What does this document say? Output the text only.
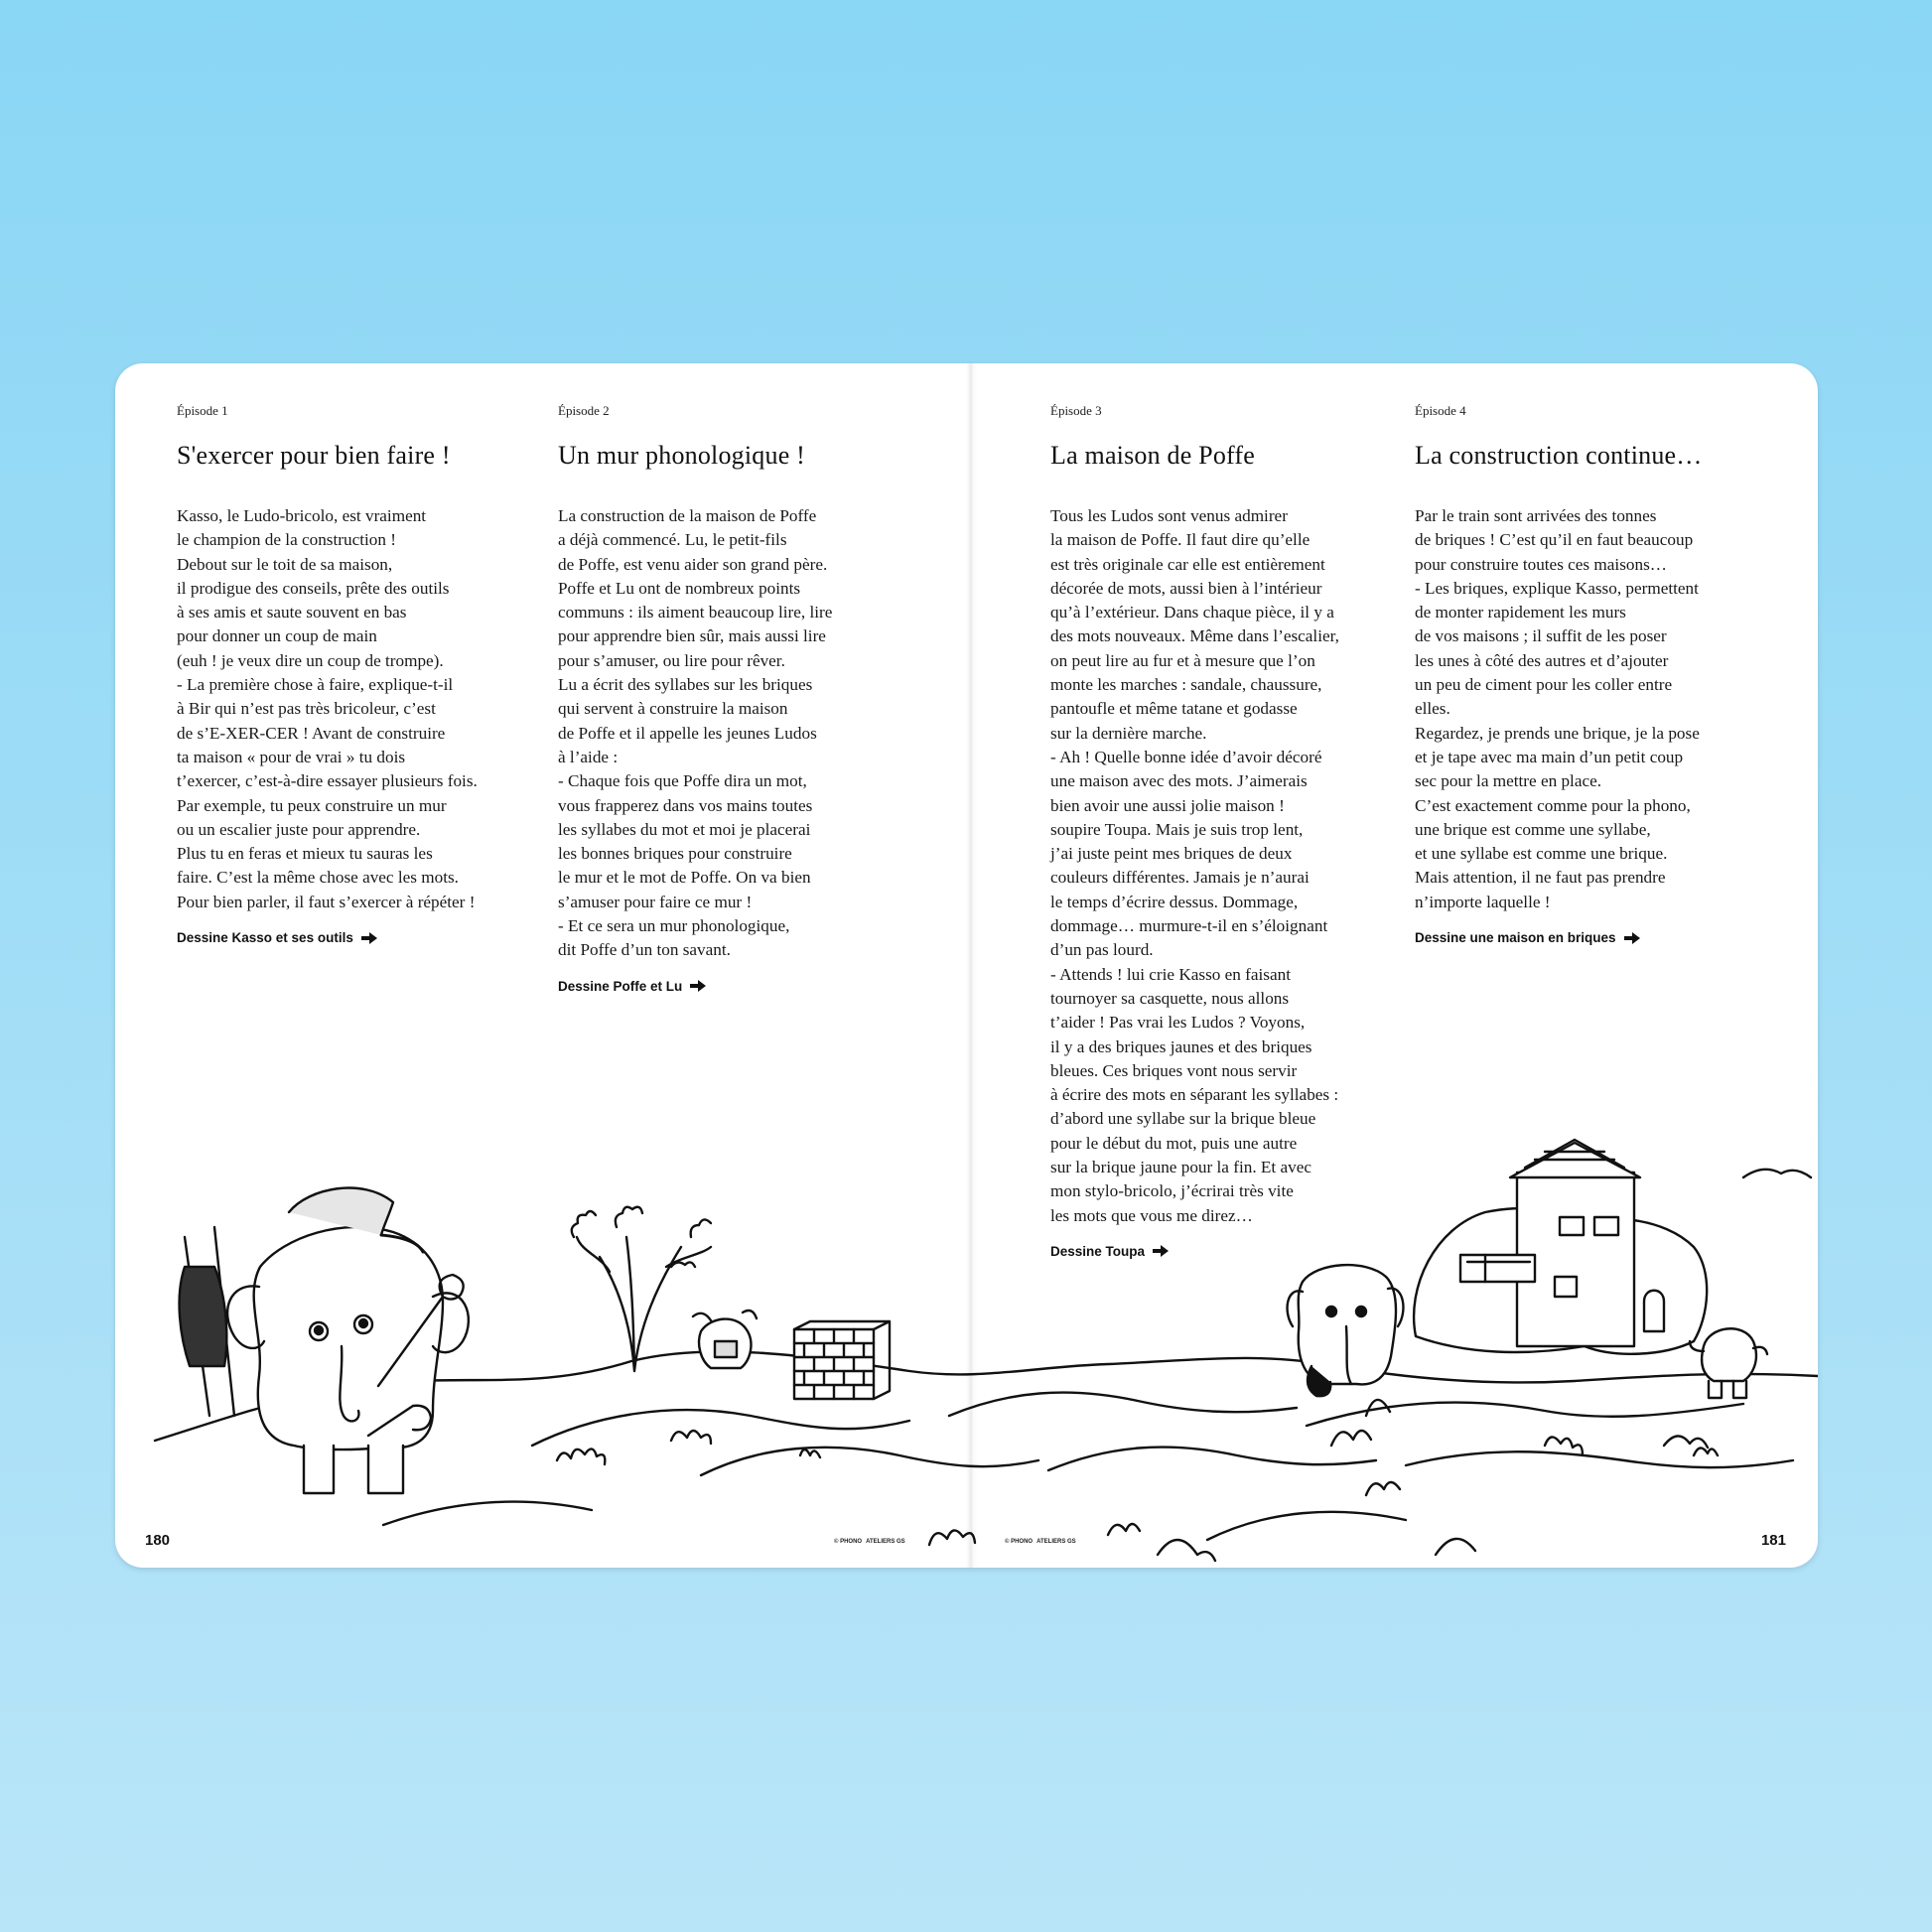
Épisode 1

S'exercer pour bien faire !
Kasso, le Ludo-bricolo, est vraiment
le champion de la construction !
Debout sur le toit de sa maison,
il prodigue des conseils, prête des outils
à ses amis et saute souvent en bas
pour donner un coup de main
(euh ! je veux dire un coup de trompe).
- La première chose à faire, explique-t-il
à Bir qui n’est pas très bricoleur, c’est
de s’E-XER-CER ! Avant de construire
ta maison « pour de vrai » tu dois
t’exercer, c’est-à-dire essayer plusieurs fois.
Par exemple, tu peux construire un mur
ou un escalier juste pour apprendre.
Plus tu en feras et mieux tu sauras les
faire. C’est la même chose avec les mots.
Pour bien parler, il faut s’exercer à répéter !
Dessine Kasso et ses outils

Épisode 2

Un mur phonologique !
La construction de la maison de Poffe
a déjà commencé. Lu, le petit-fils
de Poffe, est venu aider son grand père.
Poffe et Lu ont de nombreux points
communs : ils aiment beaucoup lire, lire
pour apprendre bien sûr, mais aussi lire
pour s’amuser, ou lire pour rêver.
Lu a écrit des syllabes sur les briques
qui servent à construire la maison
de Poffe et il appelle les jeunes Ludos
à l’aide :
- Chaque fois que Poffe dira un mot,
vous frapperez dans vos mains toutes
les syllabes du mot et moi je placerai
les bonnes briques pour construire
le mur et le mot de Poffe. On va bien
s’amuser pour faire ce mur !
- Et ce sera un mur phonologique,
dit Poffe d’un ton savant.
Dessine Poffe et Lu

Épisode 3

La maison de Poffe
Tous les Ludos sont venus admirer
la maison de Poffe. Il faut dire qu’elle
est très originale car elle est entièrement
décorée de mots, aussi bien à l’intérieur
qu’à l’extérieur. Dans chaque pièce, il y a
des mots nouveaux. Même dans l’escalier,
on peut lire au fur et à mesure que l’on
monte les marches : sandale, chaussure,
pantoufle et même tatane et godasse
sur la dernière marche.
- Ah ! Quelle bonne idée d’avoir décoré
une maison avec des mots. J’aimerais
bien avoir une aussi jolie maison !
soupire Toupa. Mais je suis trop lent,
j’ai juste peint mes briques de deux
couleurs différentes. Jamais je n’aurai
le temps d’écrire dessus. Dommage,
dommage… murmure-t-il en s’éloignant
d’un pas lourd.
- Attends ! lui crie Kasso en faisant
tournoyer sa casquette, nous allons
t’aider ! Pas vrai les Ludos ? Voyons,
il y a des briques jaunes et des briques
bleues. Ces briques vont nous servir
à écrire des mots en séparant les syllabes :
d’abord une syllabe sur la brique bleue
pour le début du mot, puis une autre
sur la brique jaune pour la fin. Et avec
mon stylo-bricolo, j’écrirai très vite
les mots que vous me direz…
Dessine Toupa

Épisode 4

La construction continue…
Par le train sont arrivées des tonnes
de briques ! C’est qu’il en faut beaucoup
pour construire toutes ces maisons…
- Les briques, explique Kasso, permettent
de monter rapidement les murs
de vos maisons ; il suffit de les poser
les unes à côté des autres et d’ajouter
un peu de ciment pour les coller entre
elles.
Regardez, je prends une brique, je la pose
et je tape avec ma main d’un petit coup
sec pour la mettre en place.
C’est exactement comme pour la phono,
une brique est comme une syllabe,
et une syllabe est comme une brique.
Mais attention, il ne faut pas prendre
n’importe laquelle !
Dessine une maison en briques
180	181
© PHONO ATELIERS GS	© PHONO ATELIERS GS
